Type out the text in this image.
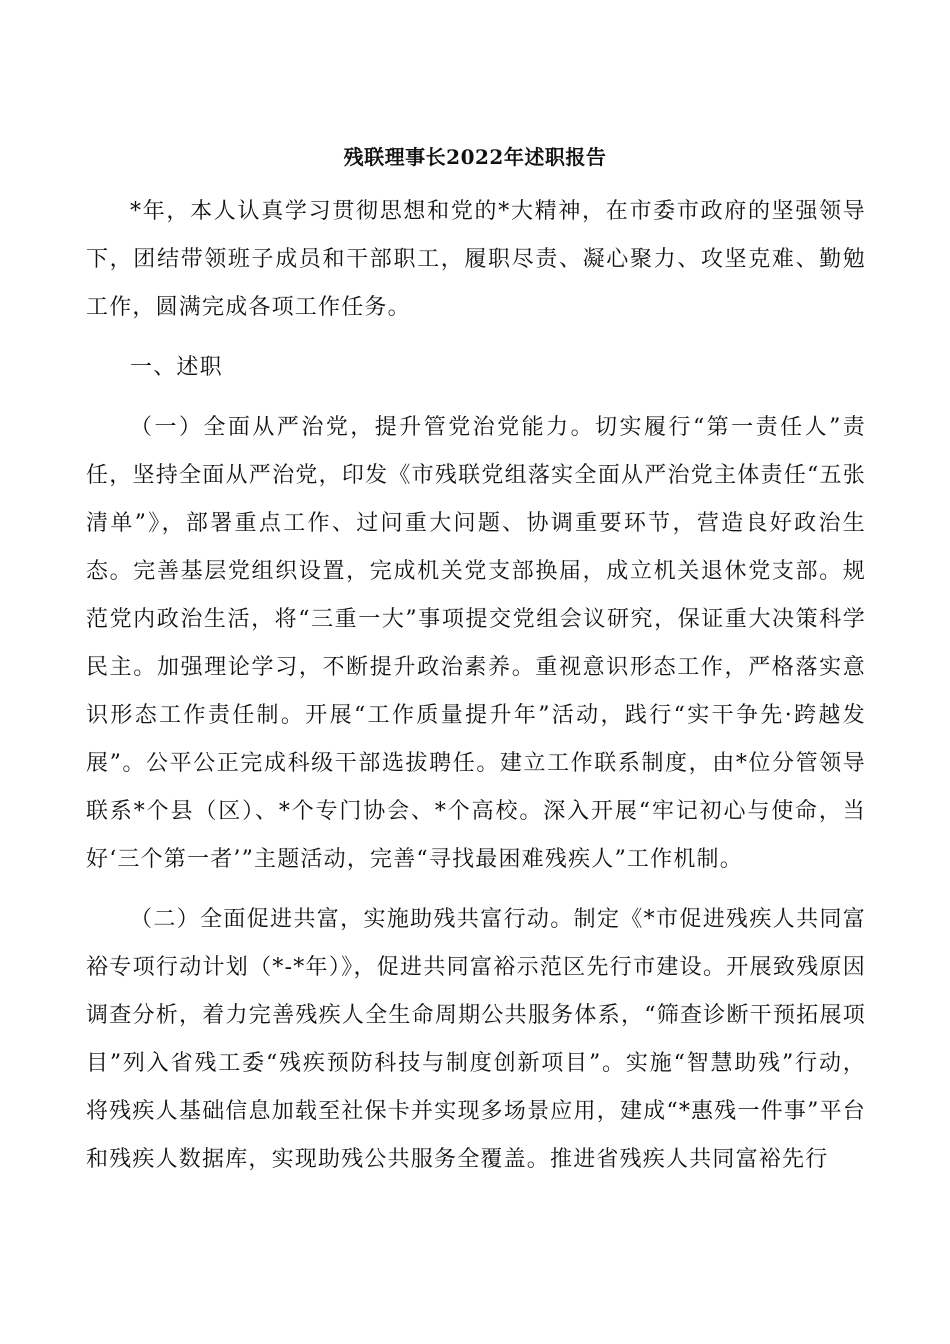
残联理事长2022年述职报告

*年，本人认真学习贯彻思想和党的*大精神，在市委市政府的坚强领导下，团结带领班子成员和干部职工，履职尽责、凝心聚力、攻坚克难、勤勉工作，圆满完成各项工作任务。

一、述职

（一）全面从严治党，提升管党治党能力。切实履行“第一责任人”责任，坚持全面从严治党，印发《市残联党组落实全面从严治党主体责任“五张清单”》，部署重点工作、过问重大问题、协调重要环节，营造良好政治生态。完善基层党组织设置，完成机关党支部换届，成立机关退休党支部。规范党内政治生活，将“三重一大”事项提交党组会议研究，保证重大决策科学民主。加强理论学习，不断提升政治素养。重视意识形态工作，严格落实意识形态工作责任制。开展“工作质量提升年”活动，践行“实干争先·跨越发展”。公平公正完成科级干部选拔聘任。建立工作联系制度，由*位分管领导联系*个县（区）、*个专门协会、*个高校。深入开展“牢记初心与使命，当好‘三个第一者’”主题活动，完善“寻找最困难残疾人”工作机制。

（二）全面促进共富，实施助残共富行动。制定《*市促进残疾人共同富裕专项行动计划（*-*年）》，促进共同富裕示范区先行市建设。开展致残原因调查分析，着力完善残疾人全生命周期公共服务体系，“筛查诊断干预拓展项目”列入省残工委“残疾预防科技与制度创新项目”。实施“智慧助残”行动，将残疾人基础信息加载至社保卡并实现多场景应用，建成“*惠残一件事”平台和残疾人数据库，实现助残公共服务全覆盖。推进省残疾人共同富裕先行
